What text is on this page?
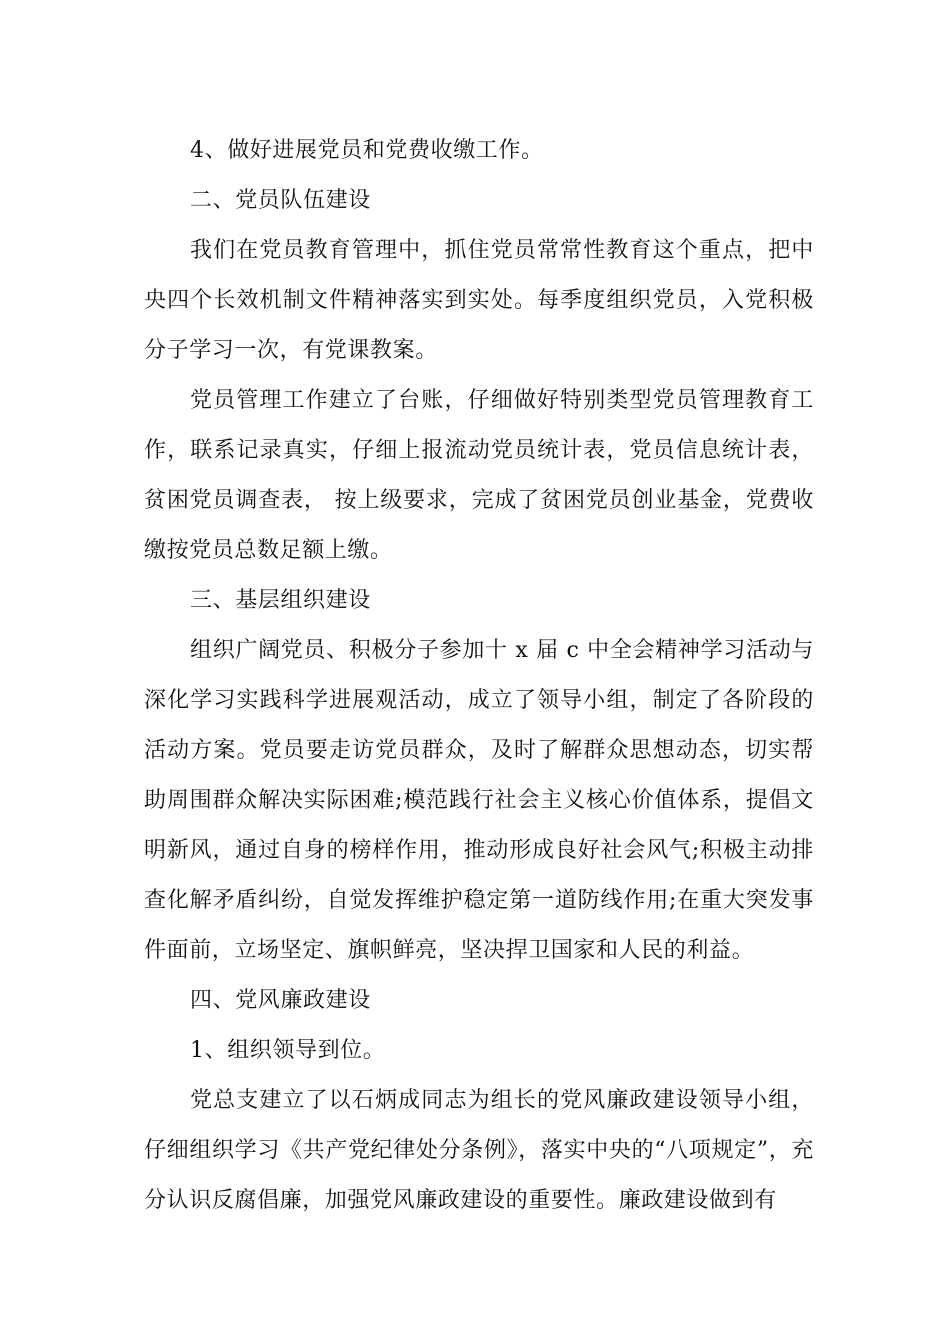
4、做好进展党员和党费收缴工作。

二、党员队伍建设

我们在党员教育管理中，抓住党员常常性教育这个重点，把中央四个长效机制文件精神落实到实处。每季度组织党员，入党积极分子学习一次，有党课教案。

党员管理工作建立了台账，仔细做好特别类型党员管理教育工作，联系记录真实，仔细上报流动党员统计表，党员信息统计表，贫困党员调查表， 按上级要求，完成了贫困党员创业基金，党费收缴按党员总数足额上缴。

三、基层组织建设

组织广阔党员、积极分子参加十 x 届 c 中全会精神学习活动与深化学习实践科学进展观活动，成立了领导小组，制定了各阶段的活动方案。党员要走访党员群众，及时了解群众思想动态，切实帮助周围群众解决实际困难;模范践行社会主义核心价值体系，提倡文明新风，通过自身的榜样作用，推动形成良好社会风气;积极主动排查化解矛盾纠纷，自觉发挥维护稳定第一道防线作用;在重大突发事件面前，立场坚定、旗帜鲜亮，坚决捍卫国家和人民的利益。

四、党风廉政建设

1、组织领导到位。

党总支建立了以石炳成同志为组长的党风廉政建设领导小组，仔细组织学习《共产党纪律处分条例》，落实中央的“八项规定”，充分认识反腐倡廉，加强党风廉政建设的重要性。廉政建设做到有
